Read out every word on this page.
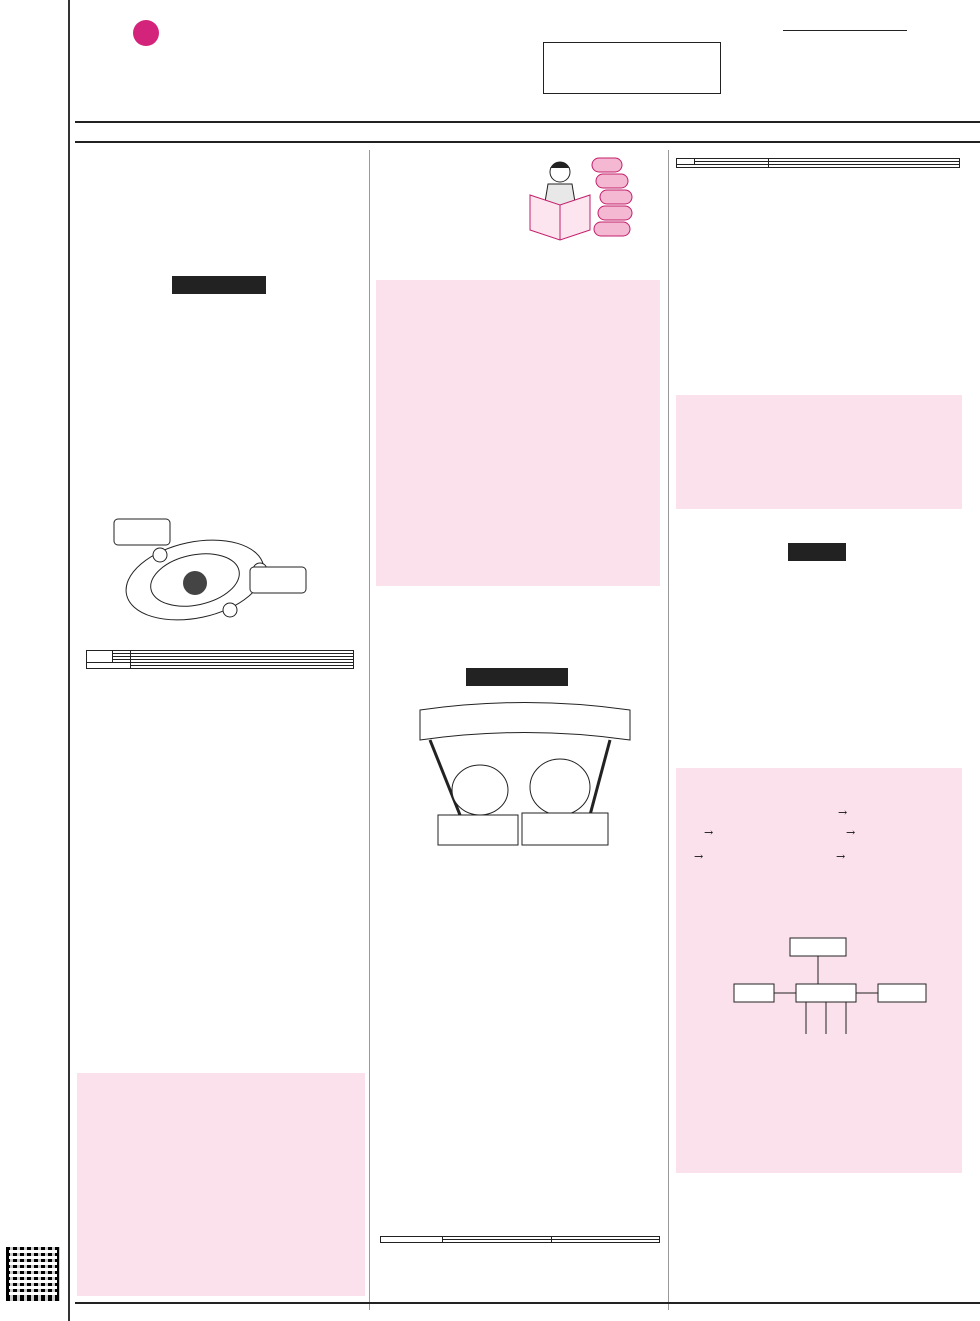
→
→	→
→	→
